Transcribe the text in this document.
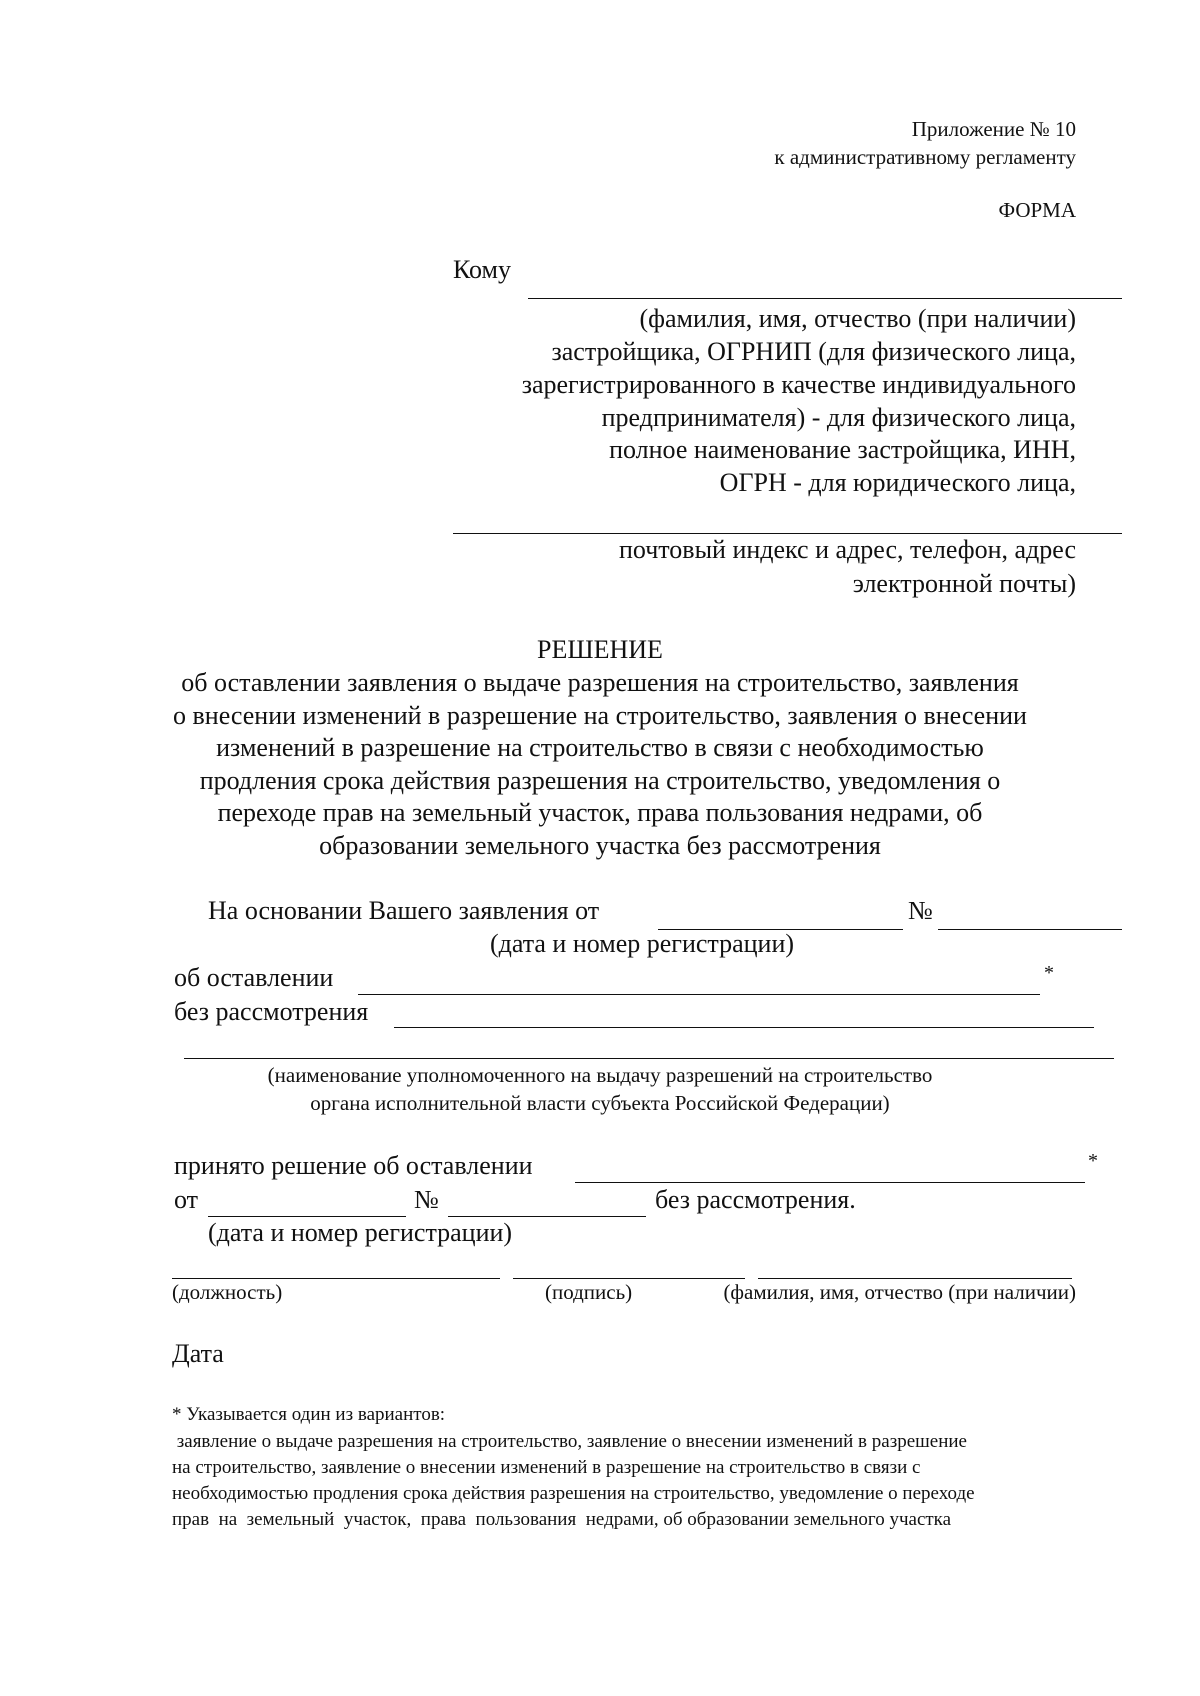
Приложение № 10
к административному регламенту
ФОРМА
Кому
(фамилия, имя, отчество (при наличии)
застройщика, ОГРНИП (для физического лица,
зарегистрированного в качестве индивидуального
предпринимателя) - для физического лица,
полное наименование застройщика, ИНН,
ОГРН - для юридического лица,
почтовый индекс и адрес, телефон, адрес
электронной почты)
РЕШЕНИЕ
об оставлении заявления о выдаче разрешения на строительство, заявления
о внесении изменений в разрешение на строительство, заявления о внесении
изменений в разрешение на строительство в связи с необходимостью
продления срока действия разрешения на строительство, уведомления о
переходе прав на земельный участок, права пользования недрами, об
образовании земельного участка без рассмотрения
На основании Вашего заявления от	№
(дата и номер регистрации)
об оставлении	*
без рассмотрения
(наименование уполномоченного на выдачу разрешений на строительство
органа исполнительной власти субъекта Российской Федерации)
принято решение об оставлении	*
от	№	без рассмотрения.
(дата и номер регистрации)
(должность)	(подпись)	(фамилия, имя, отчество (при наличии)
Дата
* Указывается один из вариантов:
заявление о выдаче разрешения на строительство, заявление о внесении изменений в разрешение
на строительство, заявление о внесении изменений в разрешение на строительство в связи с
необходимостью продления срока действия разрешения на строительство, уведомление о переходе
прав  на  земельный  участок,  права  пользования  недрами, об образовании земельного участка
